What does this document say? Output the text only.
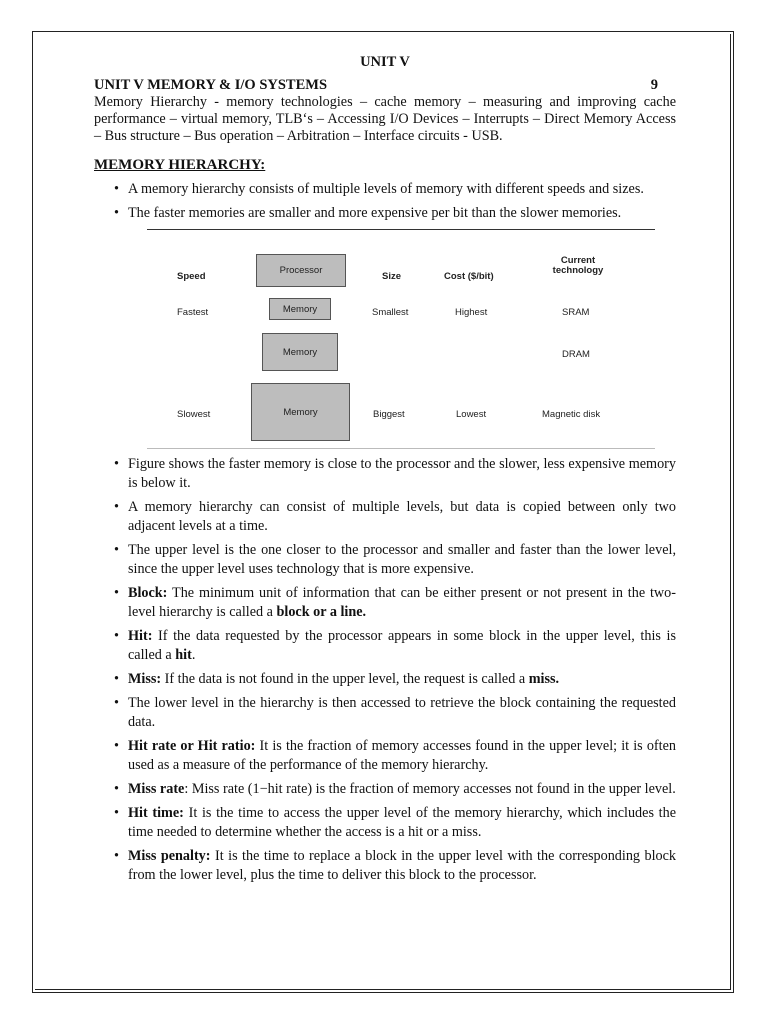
UNIT V
UNIT V MEMORY & I/O SYSTEMS	9

Memory Hierarchy - memory technologies – cache memory – measuring and improving cache performance – virtual memory, TLB‘s – Accessing I/O Devices – Interrupts – Direct Memory Access – Bus structure – Bus operation – Arbitration – Interface circuits - USB.

MEMORY HIERARCHY:
• A memory hierarchy consists of multiple levels of memory with different speeds and sizes.
• The faster memories are smaller and more expensive per bit than the slower memories.
Speed
Processor
Size	Cost ($/bit)
Current technology
Fastest	Memory	Smallest	Highest	SRAM
Memory	DRAM
Slowest	Memory	Biggest	Lowest	Magnetic disk
• Figure shows the faster memory is close to the processor and the slower, less expensive memory is below it.
• A memory hierarchy can consist of multiple levels, but data is copied between only two adjacent levels at a time.
• The upper level is the one closer to the processor and smaller and faster than the lower level, since the upper level uses technology that is more expensive.
• Block: The minimum unit of information that can be either present or not present in the two-level hierarchy is called a block or a line.
• Hit: If the data requested by the processor appears in some block in the upper level, this is called a hit.
• Miss: If the data is not found in the upper level, the request is called a miss.
• The lower level in the hierarchy is then accessed to retrieve the block containing the requested data.
• Hit rate or Hit ratio: It is the fraction of memory accesses found in the upper level; it is often used as a measure of the performance of the memory hierarchy.
• Miss rate: Miss rate (1−hit rate) is the fraction of memory accesses not found in the upper level.
• Hit time: It is the time to access the upper level of the memory hierarchy, which includes the time needed to determine whether the access is a hit or a miss.
• Miss penalty: It is the time to replace a block in the upper level with the corresponding block from the lower level, plus the time to deliver this block to the processor.
